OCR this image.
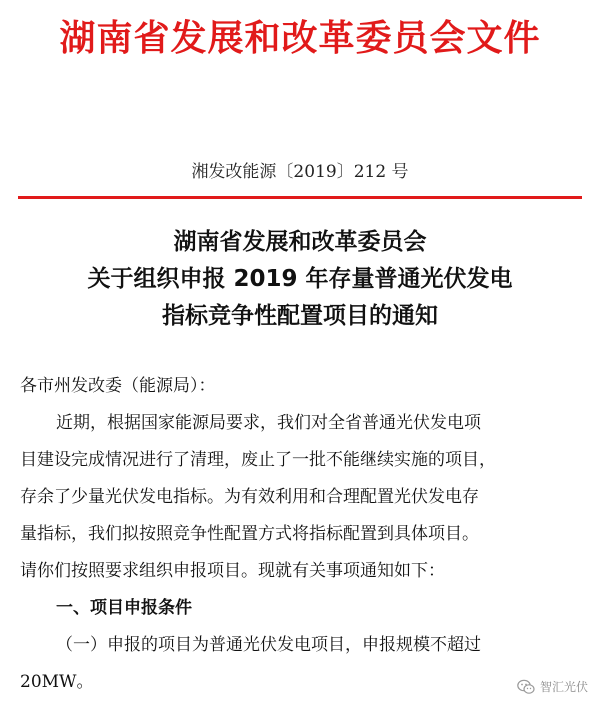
湖南省发展和改革委员会文件
湘发改能源〔2019〕212 号
湖南省发展和改革委员会
关于组织申报 2019 年存量普通光伏发电
指标竞争性配置项目的通知
各市州发改委（能源局）：
近期，根据国家能源局要求，我们对全省普通光伏发电项
目建设完成情况进行了清理，废止了一批不能继续实施的项目，
存余了少量光伏发电指标。为有效利用和合理配置光伏发电存
量指标，我们拟按照竞争性配置方式将指标配置到具体项目。
请你们按照要求组织申报项目。现就有关事项通知如下：
一、项目申报条件
（一）申报的项目为普通光伏发电项目，申报规模不超过
20MW。	智汇光伏
